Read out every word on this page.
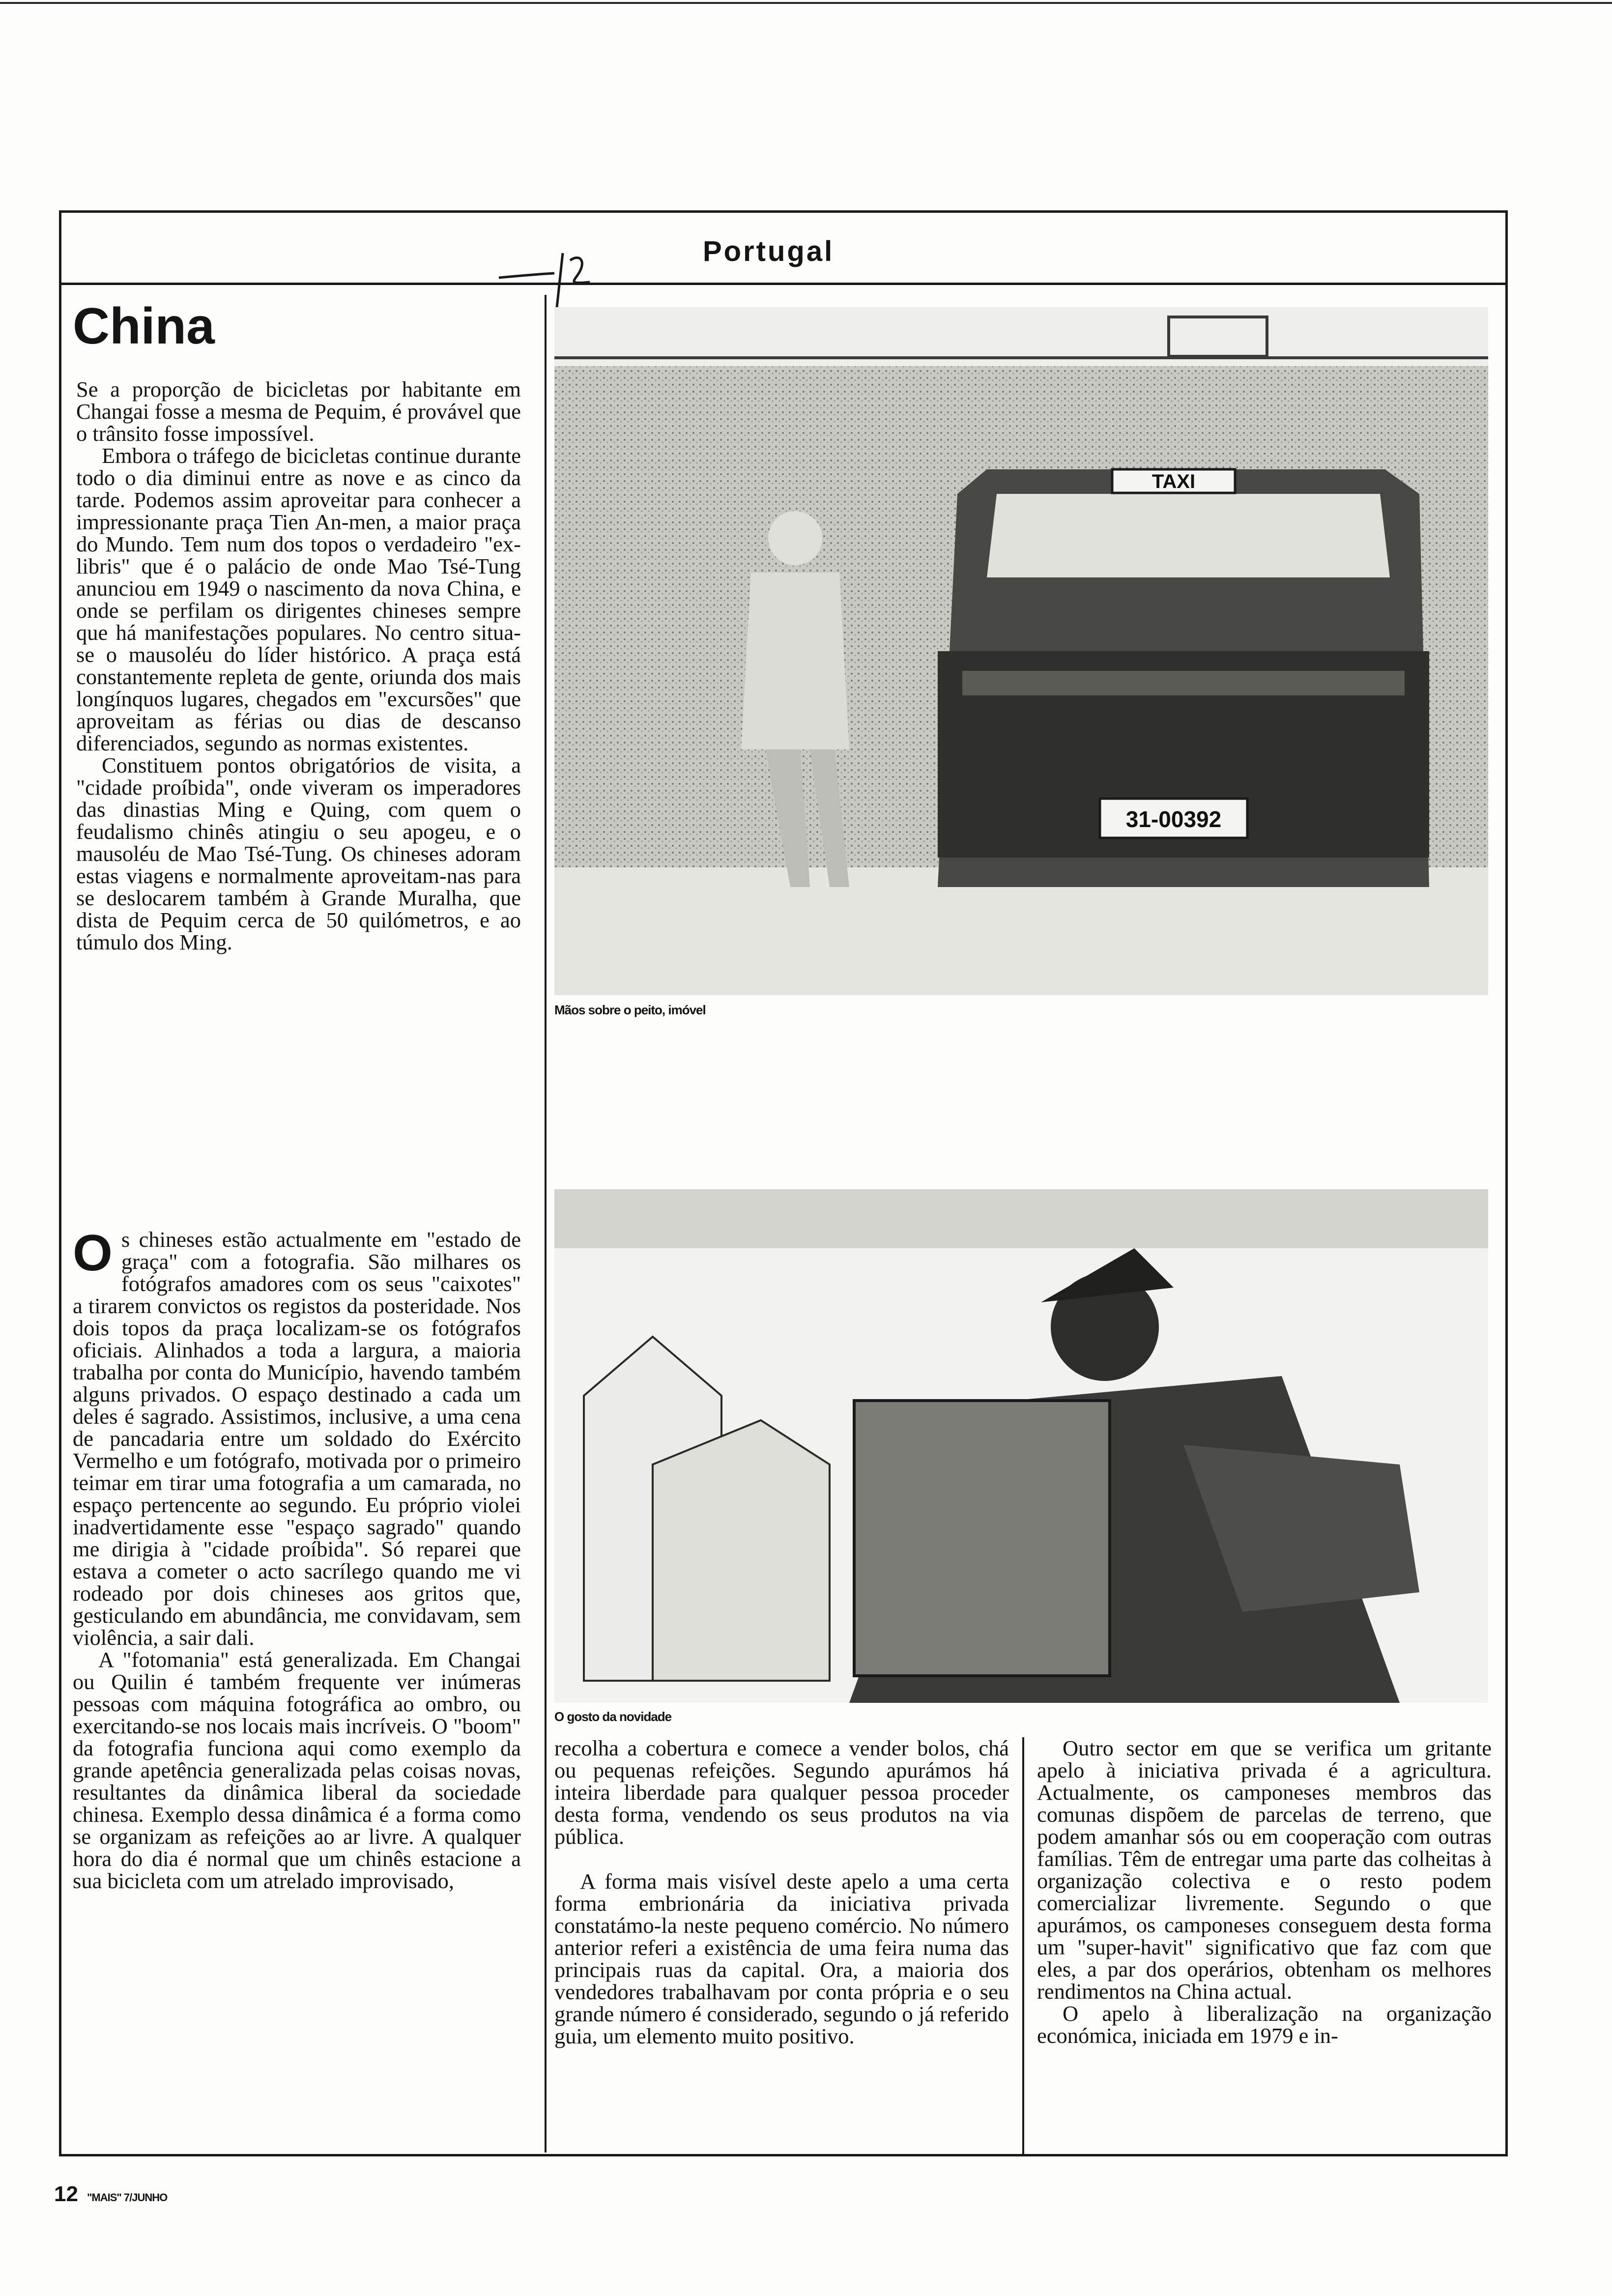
Portugal
China

Se a proporção de bicicletas por habitante em Changai fosse a mesma de Pequim, é provável que o trânsito fosse impossível.

Embora o tráfego de bicicletas continue durante todo o dia diminui entre as nove e as cinco da tarde. Podemos assim aproveitar para conhecer a impressionante praça Tien An-men, a maior praça do Mundo. Tem num dos topos o verdadeiro "ex-libris" que é o palácio de onde Mao Tsé-Tung anunciou em 1949 o nascimento da nova China, e onde se perfilam os dirigentes chineses sempre que há manifestações populares. No centro situa-se o mausoléu do líder histórico. A praça está constantemente repleta de gente, oriunda dos mais longínquos lugares, chegados em "excursões" que aproveitam as férias ou dias de descanso diferenciados, segundo as normas existentes.

Constituem pontos obrigatórios de visita, a "cidade proíbida", onde viveram os imperadores das dinastias Ming e Quing, com quem o feudalismo chinês atingiu o seu apogeu, e o mausoléu de Mao Tsé-Tung. Os chineses adoram estas viagens e normalmente aproveitam-nas para se deslocarem também à Grande Muralha, que dista de Pequim cerca de 50 quilómetros, e ao túmulo dos Ming.

Os chineses estão actualmente em "estado de graça" com a fotografia. São milhares os fotógrafos amadores com os seus "caixotes" a tirarem convictos os registos da posteridade. Nos dois topos da praça localizam-se os fotógrafos oficiais. Alinhados a toda a largura, a maioria trabalha por conta do Município, havendo também alguns privados. O espaço destinado a cada um deles é sagrado. Assistimos, inclusive, a uma cena de pancadaria entre um soldado do Exército Vermelho e um fotógrafo, motivada por o primeiro teimar em tirar uma fotografia a um camarada, no espaço pertencente ao segundo. Eu próprio violei inadvertidamente esse "espaço sagrado" quando me dirigia à "cidade proíbida". Só reparei que estava a cometer o acto sacrílego quando me vi rodeado por dois chineses aos gritos que, gesticulando em abundância, me convidavam, sem violência, a sair dali.

A "fotomania" está generalizada. Em Changai ou Quilin é também frequente ver inúmeras pessoas com máquina fotográfica ao ombro, ou exercitando-se nos locais mais incríveis. O "boom" da fotografia funciona aqui como exemplo da grande apetência generalizada pelas coisas novas, resultantes da dinâmica liberal da sociedade chinesa. Exemplo dessa dinâmica é a forma como se organizam as refeições ao ar livre. A qualquer hora do dia é normal que um chinês estacione a sua bicicleta com um atrelado improvisado,

TAXI
31-00392
Mãos sobre o peito, imóvel
O gosto da novidade

recolha a cobertura e comece a vender bolos, chá ou pequenas refeições. Segundo apurámos há inteira liberdade para qualquer pessoa proceder desta forma, vendendo os seus produtos na via pública.

A forma mais visível deste apelo a uma certa forma embrionária da iniciativa privada constatámo-la neste pequeno comércio. No número anterior referi a existência de uma feira numa das principais ruas da capital. Ora, a maioria dos vendedores trabalhavam por conta própria e o seu grande número é considerado, segundo o já referido guia, um elemento muito positivo.

Outro sector em que se verifica um gritante apelo à iniciativa privada é a agricultura. Actualmente, os camponeses membros das comunas dispõem de parcelas de terreno, que podem amanhar sós ou em cooperação com outras famílias. Têm de entregar uma parte das colheitas à organização colectiva e o resto podem comercializar livremente. Segundo o que apurámos, os camponeses conseguem desta forma um "super-havit" significativo que faz com que eles, a par dos operários, obtenham os melhores rendimentos na China actual.

O apelo à liberalização na organização económica, iniciada em 1979 e in-

12 "MAIS" 7/JUNHO
